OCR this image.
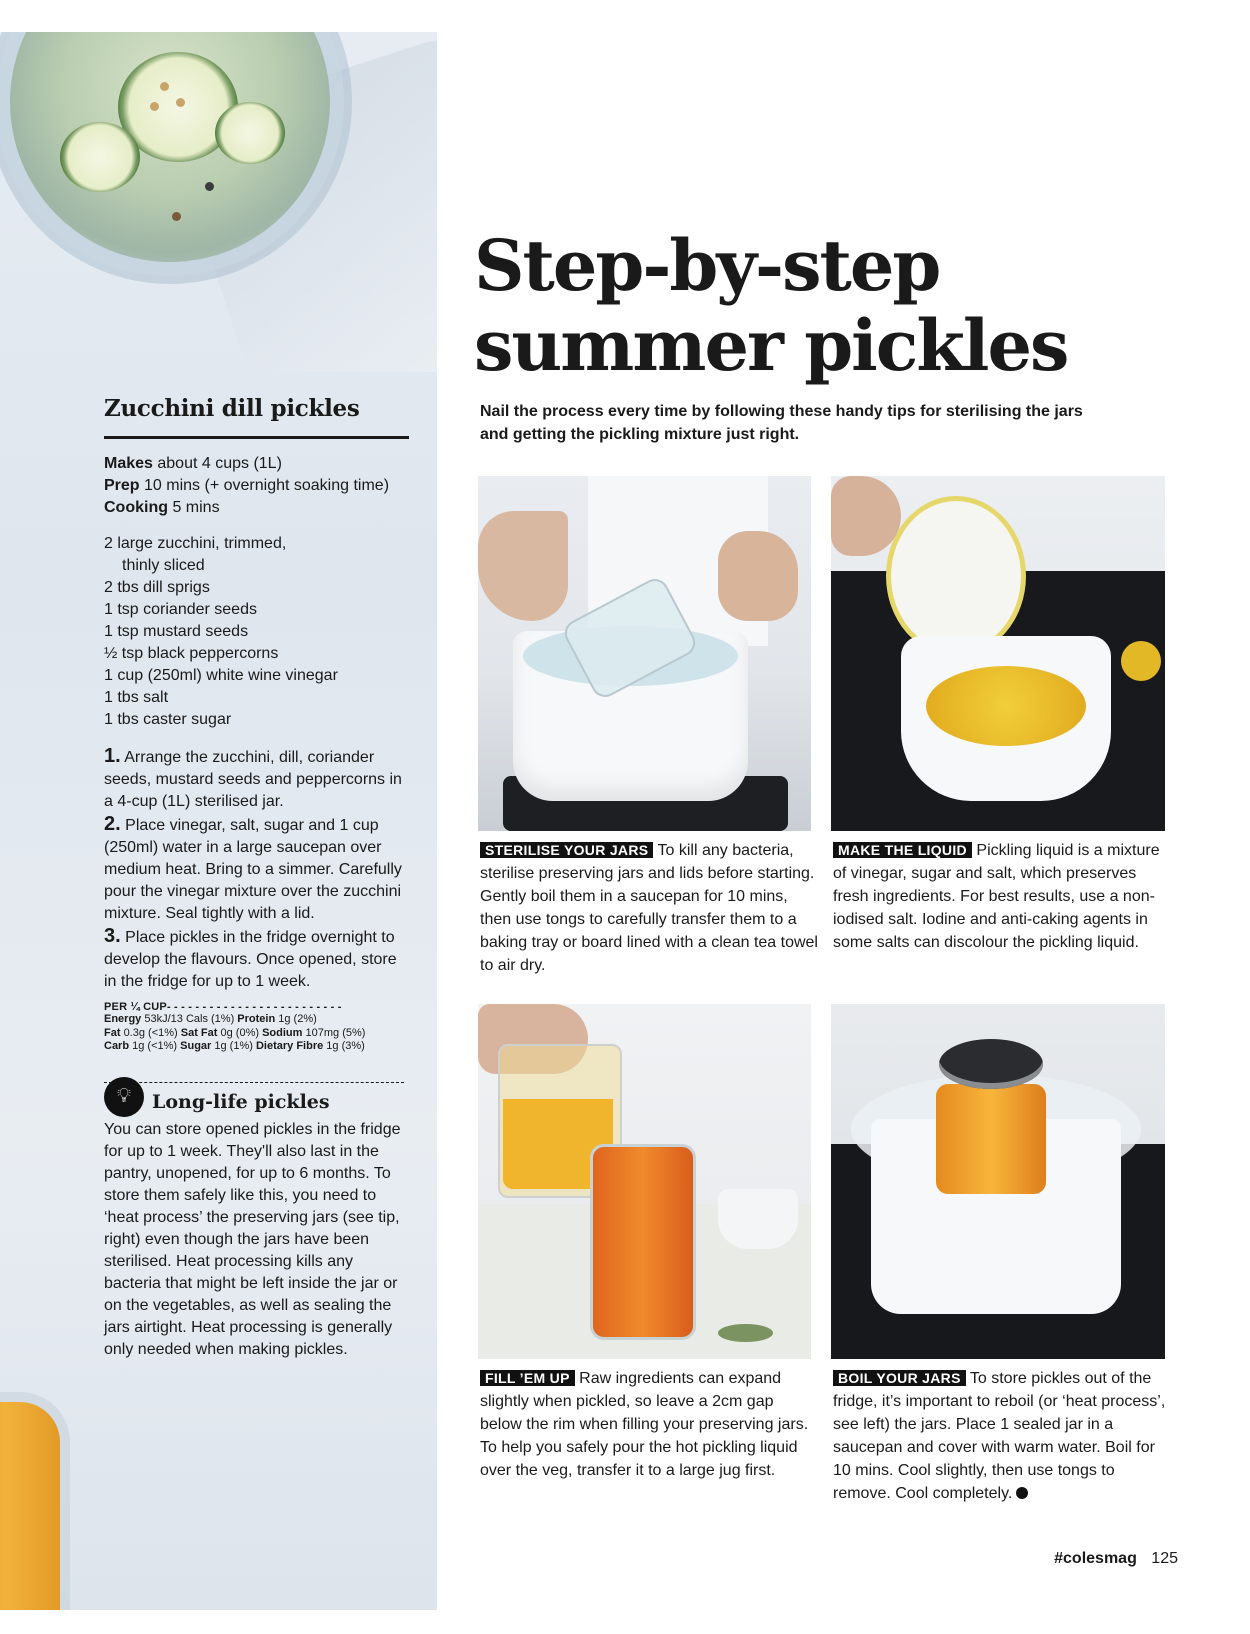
Zucchini dill pickles
Makes about 4 cups (1L)
Prep 10 mins (+ overnight soaking time) Cooking 5 mins
2 large zucchini, trimmed,
thinly sliced
2 tbs dill sprigs
1 tsp coriander seeds
1 tsp mustard seeds
½ tsp black peppercorns
1 cup (250ml) white wine vinegar
1 tbs salt
1 tbs caster sugar
1. Arrange the zucchini, dill, coriander seeds, mustard seeds and peppercorns in a 4-cup (1L) sterilised jar.
2. Place vinegar, salt, sugar and 1 cup (250ml) water in a large saucepan over medium heat. Bring to a simmer. Carefully pour the vinegar mixture over the zucchini mixture. Seal tightly with a lid.
3. Place pickles in the fridge overnight to develop the flavours. Once opened, store in the fridge for up to 1 week.
PER ¼ CUP- - - - - - - - - - - - - - - - - - - - - - - - -
Energy 53kJ/13 Cals (1%) Protein 1g (2%)
Fat 0.3g (<1%) Sat Fat 0g (0%) Sodium 107mg (5%)
Carb 1g (<1%) Sugar 1g (1%) Dietary Fibre 1g (3%)
💡︎	Long-life pickles
You can store opened pickles in the fridge for up to 1 week. They'll also last in the pantry, unopened, for up to 6 months. To store them safely like this, you need to ‘heat process’ the preserving jars (see tip, right) even though the jars have been sterilised. Heat processing kills any bacteria that might be left inside the jar or on the vegetables, as well as sealing the jars airtight. Heat processing is generally only needed when making pickles.
Step-by-step
summer pickles
Nail the process every time by following these handy tips for sterilising the jars and getting the pickling mixture just right.
STERILISE YOUR JARS To kill any bacteria, sterilise preserving jars and lids before starting. Gently boil them in a saucepan for 10 mins, then use tongs to carefully transfer them to a baking tray or board lined with a clean tea towel to air dry.
MAKE THE LIQUID Pickling liquid is a mixture of vinegar, sugar and salt, which preserves fresh ingredients. For best results, use a non-iodised salt. Iodine and anti-caking agents in some salts can discolour the pickling liquid.
FILL ’EM UP Raw ingredients can expand slightly when pickled, so leave a 2cm gap below the rim when filling your preserving jars. To help you safely pour the hot pickling liquid over the veg, transfer it to a large jug first.
BOIL YOUR JARS To store pickles out of the fridge, it’s important to reboil (or ‘heat process’, see left) the jars. Place 1 sealed jar in a saucepan and cover with warm water. Boil for 10 mins. Cool slightly, then use tongs to remove. Cool completely.
#colesmag 125
